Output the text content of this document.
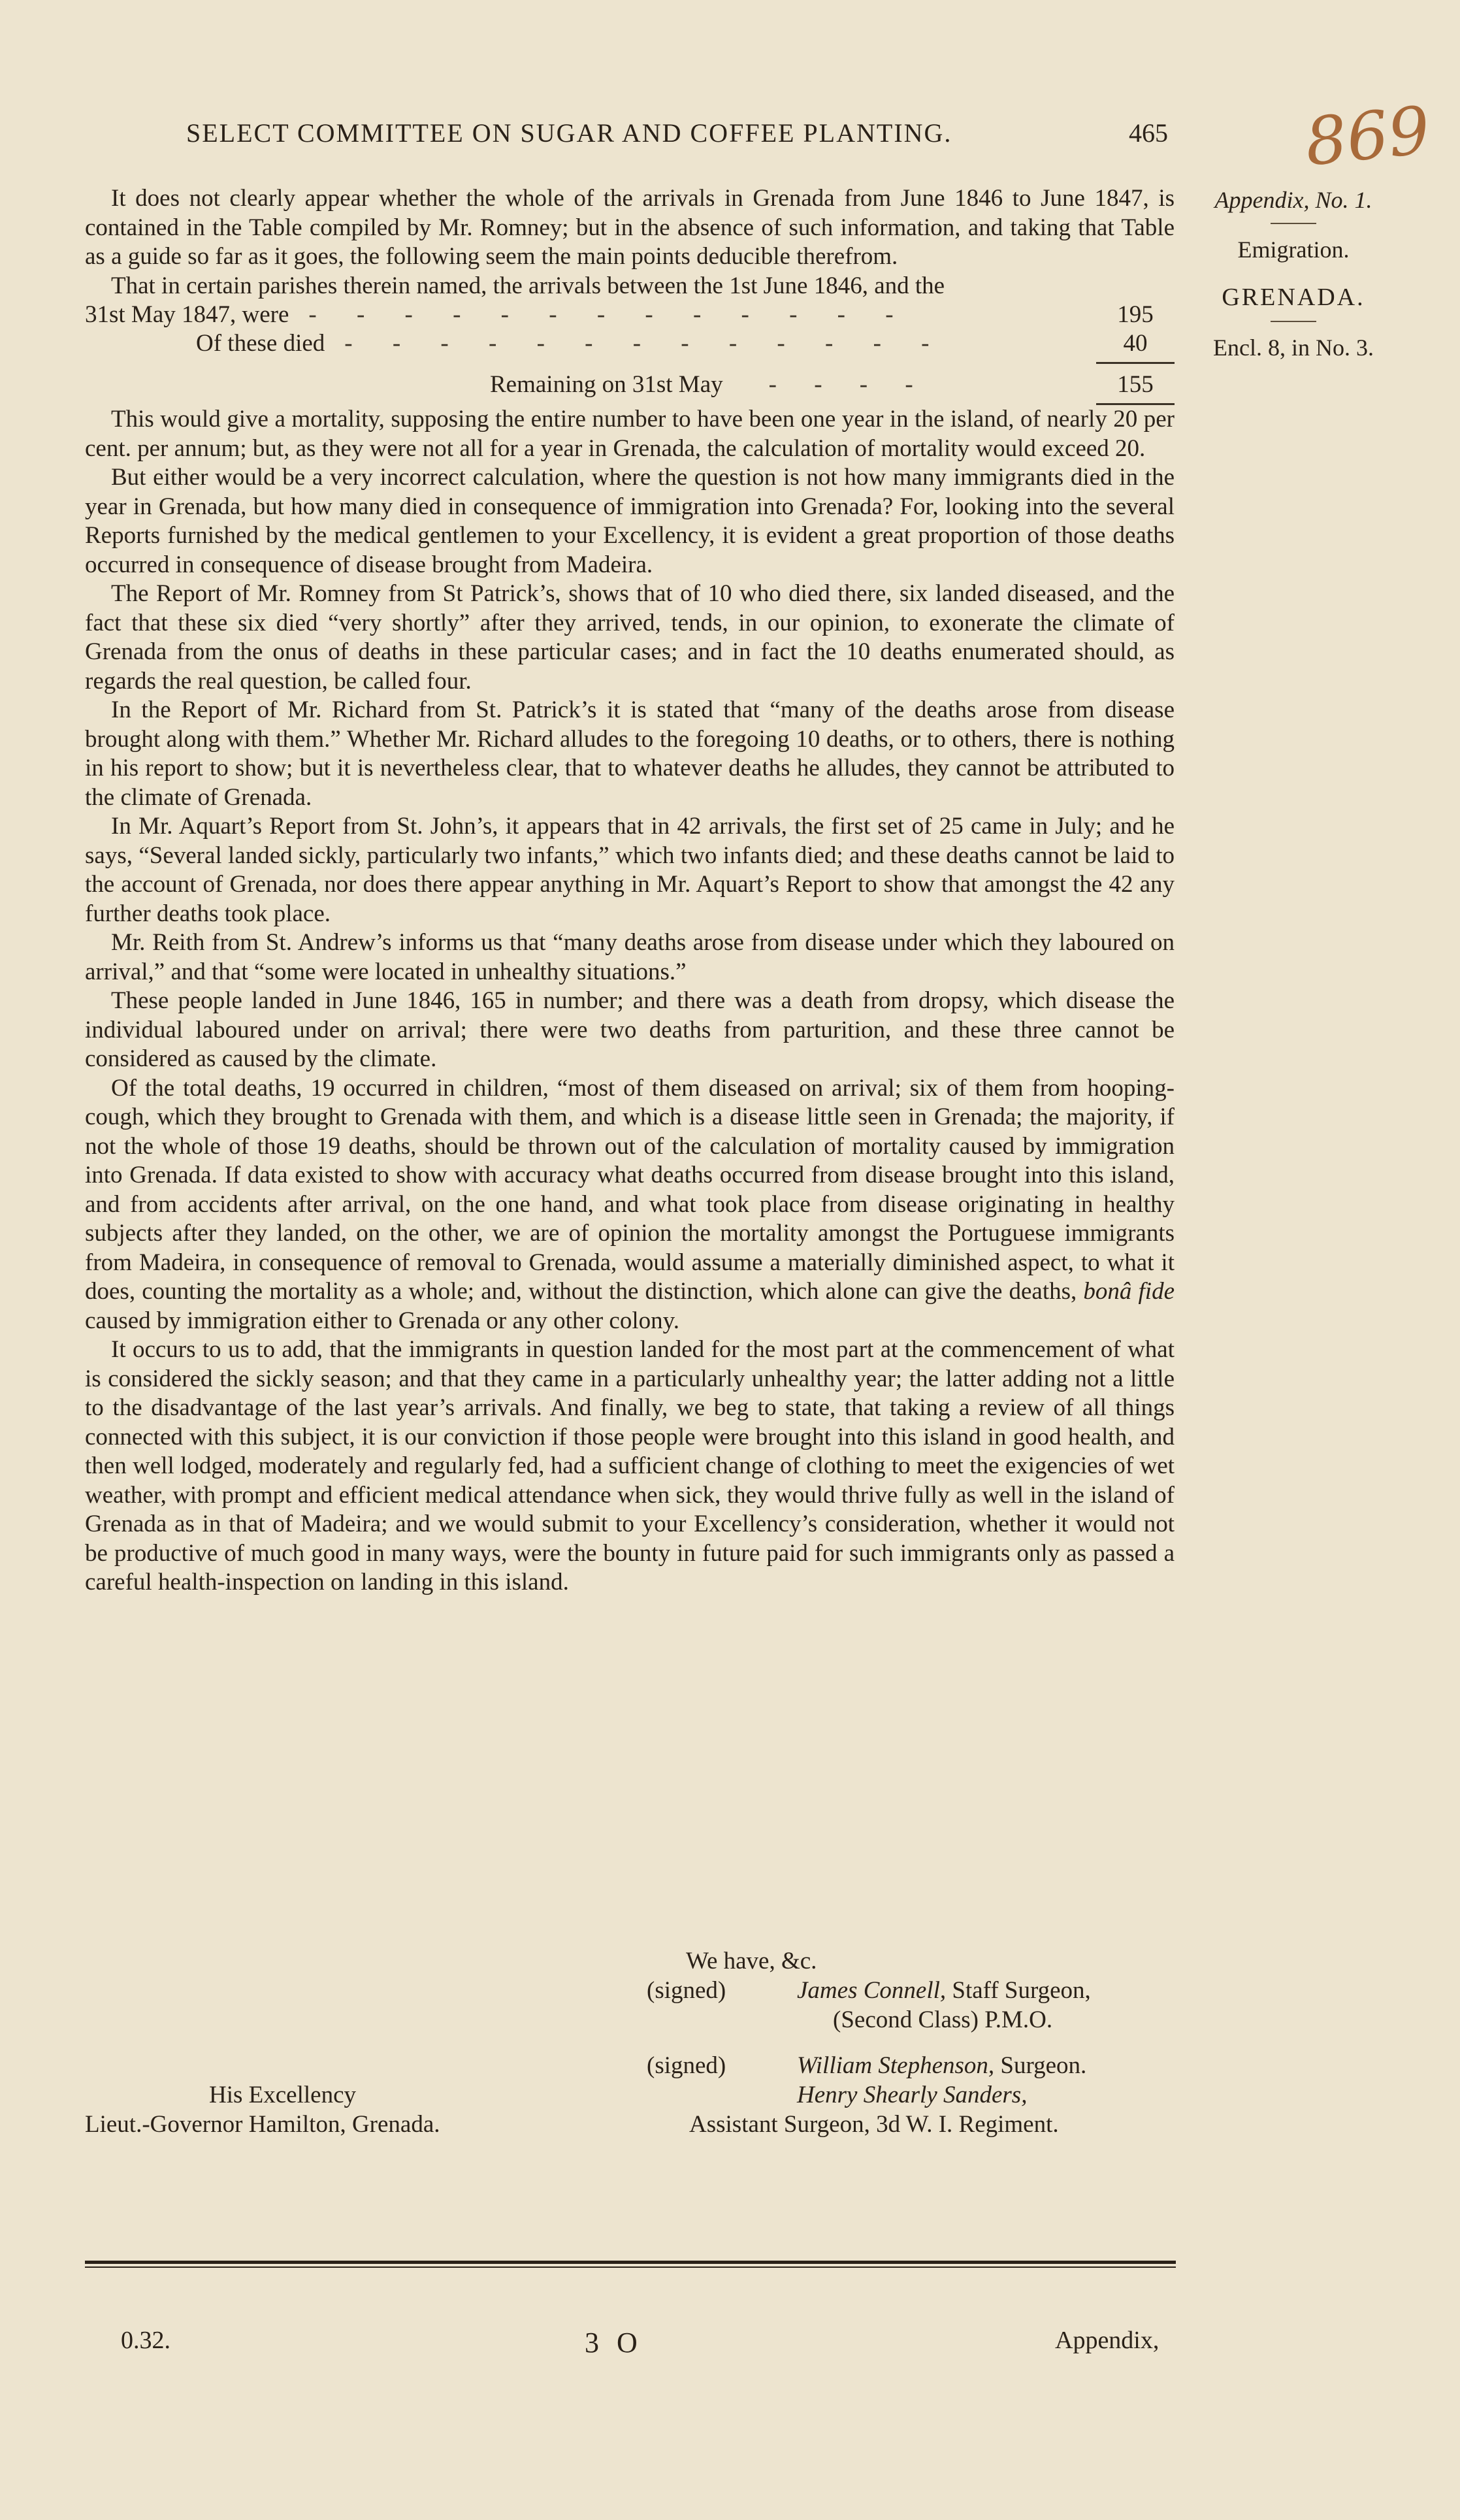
SELECT COMMITTEE ON SUGAR AND COFFEE PLANTING.	465 869
Appendix, No. 1.
Emigration.
GRENADA.
Encl. 8, in No. 3.

It does not clearly appear whether the whole of the arrivals in Grenada from June 1846 to June 1847, is contained in the Table compiled by Mr. Romney; but in the absence of such information, and taking that Table as a guide so far as it goes, the following seem the main points deducible therefrom.

That in certain parishes therein named, the arrivals between the 1st June 1846, and the

31st May 1847, were - - - - - - - - - - - - -	195
Of these died - - - - - - - - - - - - -	40
Remaining on 31st May	- - - -	155

This would give a mortality, supposing the entire number to have been one year in the island, of nearly 20 per cent. per annum; but, as they were not all for a year in Grenada, the calculation of mortality would exceed 20.

But either would be a very incorrect calculation, where the question is not how many immigrants died in the year in Grenada, but how many died in consequence of immigration into Grenada? For, looking into the several Reports furnished by the medical gentlemen to your Excellency, it is evident a great proportion of those deaths occurred in consequence of disease brought from Madeira.

The Report of Mr. Romney from St Patrick’s, shows that of 10 who died there, six landed diseased, and the fact that these six died “very shortly” after they arrived, tends, in our opinion, to exonerate the climate of Grenada from the onus of deaths in these particular cases; and in fact the 10 deaths enumerated should, as regards the real question, be called four.

In the Report of Mr. Richard from St. Patrick’s it is stated that “many of the deaths arose from disease brought along with them.” Whether Mr. Richard alludes to the foregoing 10 deaths, or to others, there is nothing in his report to show; but it is nevertheless clear, that to whatever deaths he alludes, they cannot be attributed to the climate of Grenada.

In Mr. Aquart’s Report from St. John’s, it appears that in 42 arrivals, the first set of 25 came in July; and he says, “Several landed sickly, particularly two infants,” which two infants died; and these deaths cannot be laid to the account of Grenada, nor does there appear anything in Mr. Aquart’s Report to show that amongst the 42 any further deaths took place.

Mr. Reith from St. Andrew’s informs us that “many deaths arose from disease under which they laboured on arrival,” and that “some were located in unhealthy situations.”

These people landed in June 1846, 165 in number; and there was a death from dropsy, which disease the individual laboured under on arrival; there were two deaths from parturition, and these three cannot be considered as caused by the climate.

Of the total deaths, 19 occurred in children, “most of them diseased on arrival; six of them from hooping-cough, which they brought to Grenada with them, and which is a disease little seen in Grenada; the majority, if not the whole of those 19 deaths, should be thrown out of the calculation of mortality caused by immigration into Grenada. If data existed to show with accuracy what deaths occurred from disease brought into this island, and from accidents after arrival, on the one hand, and what took place from disease originating in healthy subjects after they landed, on the other, we are of opinion the mortality amongst the Portuguese immigrants from Madeira, in consequence of removal to Grenada, would assume a materially diminished aspect, to what it does, counting the mortality as a whole; and, without the distinction, which alone can give the deaths, bonâ fide caused by immigration either to Grenada or any other colony.

It occurs to us to add, that the immigrants in question landed for the most part at the commencement of what is considered the sickly season; and that they came in a particularly unhealthy year; the latter adding not a little to the disadvantage of the last year’s arrivals. And finally, we beg to state, that taking a review of all things connected with this subject, it is our conviction if those people were brought into this island in good health, and then well lodged, moderately and regularly fed, had a sufficient change of clothing to meet the exigencies of wet weather, with prompt and efficient medical attendance when sick, they would thrive fully as well in the island of Grenada as in that of Madeira; and we would submit to your Excellency’s consideration, whether it would not be productive of much good in many ways, were the bounty in future paid for such immigrants only as passed a careful health-inspection on landing in this island.

We have, &c.
(signed)	James Connell, Staff Surgeon,
(Second Class) P.M.O.
(signed)	William Stephenson, Surgeon.
Henry Shearly Sanders,
Assistant Surgeon, 3d W. I. Regiment.
His Excellency
Lieut.-Governor Hamilton, Grenada.
0.32.	3 O	Appendix,
